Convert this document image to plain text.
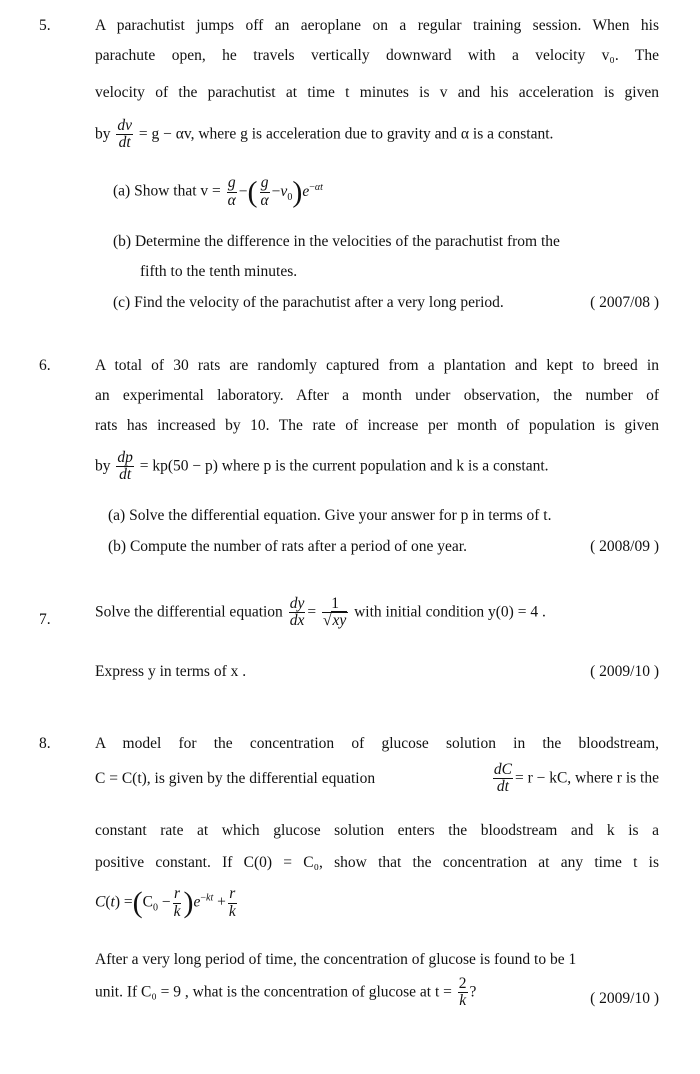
5.	A parachutist jumps off an aeroplane on a regular training session. When his
parachute open, he travels vertically downward with a velocity v₀. The
velocity of the parachutist at time t minutes is v and his acceleration is given
by $\frac{dv}{dt} = g - \alpha v$, where g is acceleration due to gravity and α is a constant.
(a) Show that $v = \frac{g}{\alpha}$ −( $\frac{g}{\alpha} -v_0)e^{-\alpha t}$
(b) Determine the difference in the velocities of the parachutist from the
fifth to the tenth minutes.
(c) Find the velocity of the parachutist after a very long period.	( 2007/08 )
6.	A total of 30 rats are randomly captured from a plantation and kept to breed in
an experimental laboratory. After a month under observation, the number of
rats has increased by 10. The rate of increase per month of population is given
by $\frac{dp}{dt} = kp(50 - p)$ where p is the current population and k is a constant.
(a) Solve the differential equation. Give your answer for p in terms of t.
(b) Compute the number of rats after a period of one year.	( 2008/09 )
7.	Solve the differential equation $\frac{dy}{dx} = \frac{1}{√xy}$ with initial condition y(0) = 4 .
Express y in terms of x .	( 2009/10 )
8.	A model for the concentration of glucose solution in the bloodstream,
C = C(t), is given by the differential equation	$\frac{dC}{dt} = r$ − kC, where r is the
constant rate at which glucose solution enters the bloodstream and k is a
positive constant. If C(0) = C₀, show that the concentration at any time t is
$C(t) =(C_0 - \frac{r}{k} )e^{-kt} + \frac{r}{k}$
After a very long period of time, the concentration of glucose is found to be 1
unit. If C₀ = 9 , what is the concentration of glucose at $t = \frac{2}{k}$ ?	( 2009/10 )
